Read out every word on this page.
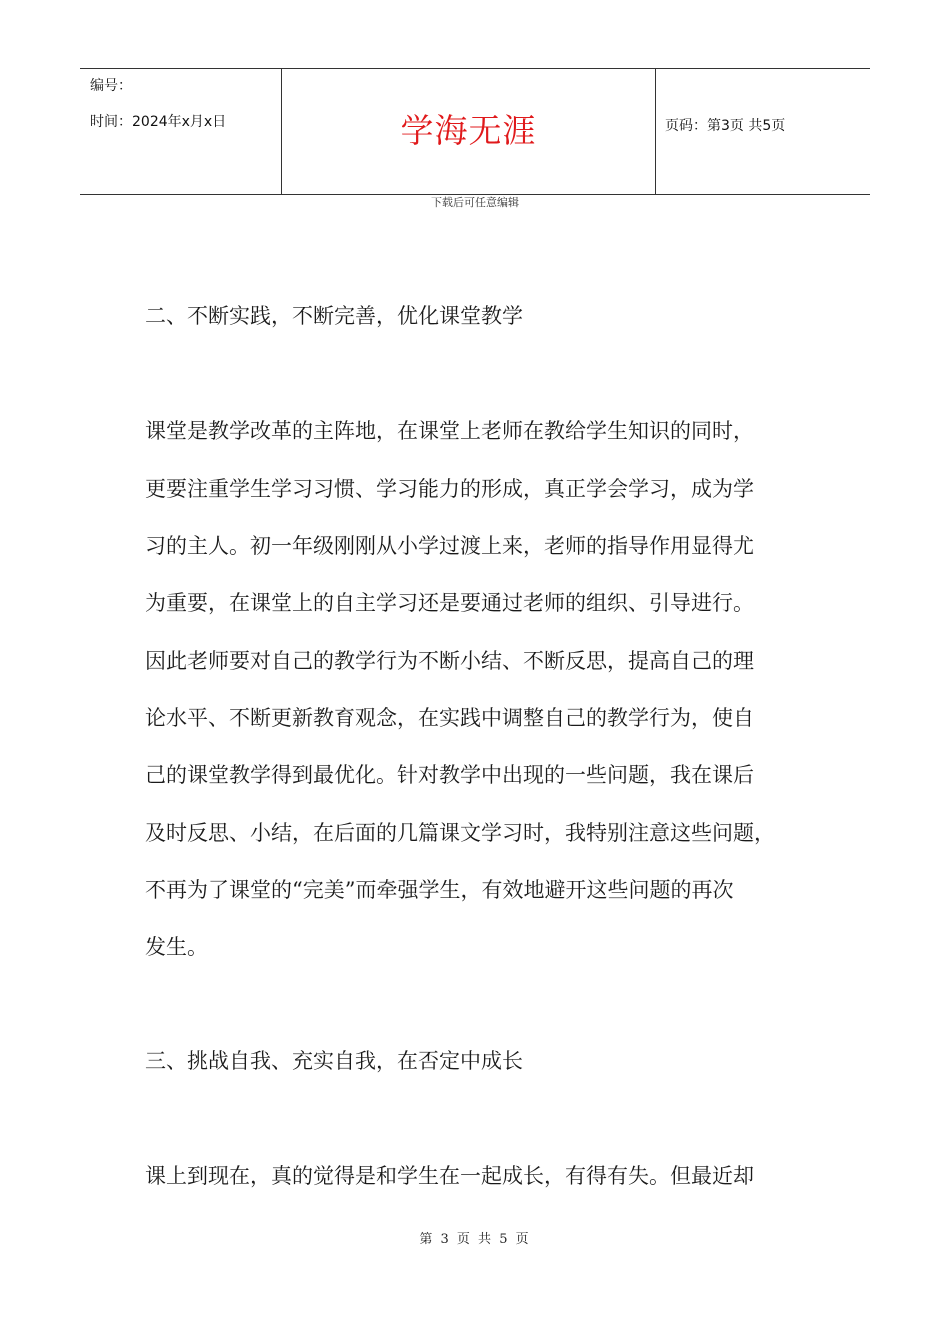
编号：
时间：2024年x月x日	学海无涯	页码：第3页 共5页
下载后可任意编辑
二、不断实践，不断完善，优化课堂教学
课堂是教学改革的主阵地，在课堂上老师在教给学生知识的同时，
更要注重学生学习习惯、学习能力的形成，真正学会学习，成为学
习的主人。初一年级刚刚从小学过渡上来，老师的指导作用显得尤
为重要，在课堂上的自主学习还是要通过老师的组织、引导进行。
因此老师要对自己的教学行为不断小结、不断反思，提高自己的理
论水平、不断更新教育观念，在实践中调整自己的教学行为，使自
己的课堂教学得到最优化。针对教学中出现的一些问题，我在课后
及时反思、小结，在后面的几篇课文学习时，我特别注意这些问题，
不再为了课堂的“完美”而牵强学生，有效地避开这些问题的再次
发生。
三、挑战自我、充实自我，在否定中成长
课上到现在，真的觉得是和学生在一起成长，有得有失。但最近却
第 3 页 共 5 页
